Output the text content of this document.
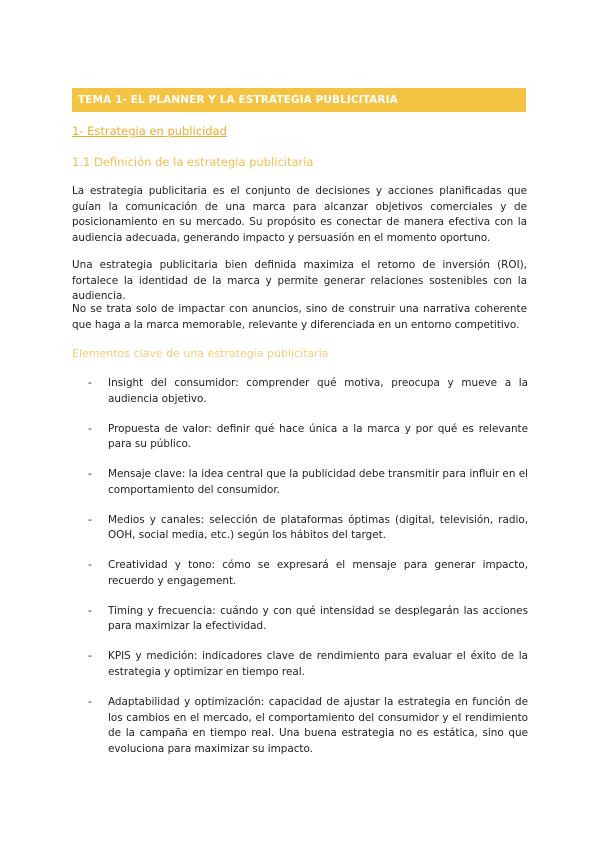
TEMA 1- EL PLANNER Y LA ESTRATEGIA PUBLICITARIA
1- Estrategia en publicidad
1.1 Definición de la estrategia publicitaria

La estrategia publicitaria es el conjunto de decisiones y acciones planificadas que guían la comunicación de una marca para alcanzar objetivos comerciales y de posicionamiento en su mercado. Su propósito es conectar de manera efectiva con la audiencia adecuada, generando impacto y persuasión en el momento oportuno.

Una estrategia publicitaria bien definida maximiza el retorno de inversión (ROI), fortalece la identidad de la marca y permite generar relaciones sostenibles con la audiencia.

No se trata solo de impactar con anuncios, sino de construir una narrativa coherente que haga a la marca memorable, relevante y diferenciada en un entorno competitivo.

Elementos clave de una estrategia publicitaria
- Insight del consumidor: comprender qué motiva, preocupa y mueve a la audiencia objetivo.
- Propuesta de valor: definir qué hace única a la marca y por qué es relevante para su público.
- Mensaje clave: la idea central que la publicidad debe transmitir para influir en el comportamiento del consumidor.
- Medios y canales: selección de plataformas óptimas (digital, televisión, radio, OOH, social media, etc.) según los hábitos del target.
- Creatividad y tono: cómo se expresará el mensaje para generar impacto, recuerdo y engagement.
- Timing y frecuencia: cuándo y con qué intensidad se desplegarán las acciones para maximizar la efectividad.
- KPIS y medición: indicadores clave de rendimiento para evaluar el éxito de la estrategia y optimizar en tiempo real.
- Adaptabilidad y optimización: capacidad de ajustar la estrategia en función de los cambios en el mercado, el comportamiento del consumidor y el rendimiento de la campaña en tiempo real. Una buena estrategia no es estática, sino que evoluciona para maximizar su impacto.
